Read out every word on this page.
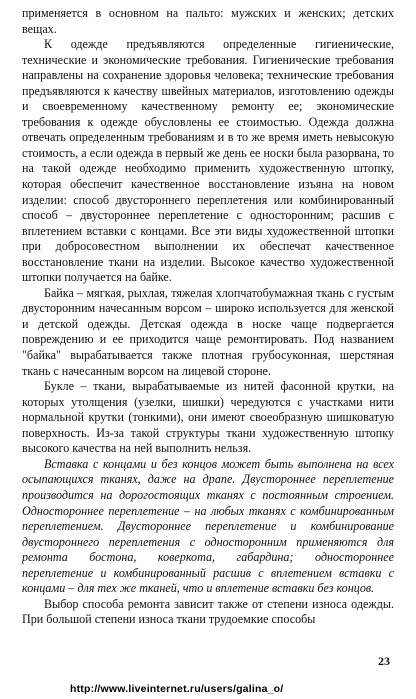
применяется в основном на пальто: мужских и женских; детских вещах.

К одежде предъявляются определенные гигиенические, технические и экономические требования. Гигиенические требования направлены на сохранение здоровья человека; технические требования предъявляются к качеству швейных материалов, изготовлению одежды и своевременному качественному ремонту ее; экономические требования к одежде обусловлены ее стоимостью. Одежда должна отвечать определенным требованиям и в то же время иметь невысокую стоимость, а если одежда в первый же день ее носки была разорвана, то на такой одежде необходимо применить художественную штопку, которая обеспечит качественное восстановление изъяна на новом изделии: способ двустороннего переплетения или комбинированный способ – двустороннее переплетение с односторонним; расшив с вплетением вставки с концами. Все эти виды художественной штопки при добросовестном выполнении их обеспечат качественное восстановление ткани на изделии. Высокое качество художественной штопки получается на байке.

Байка – мягкая, рыхлая, тяжелая хлопчатобумажная ткань с густым двусторонним начесанным ворсом – широко используется для женской и детской одежды. Детская одежда в носке чаще подвергается повреждению и ее приходится чаще ремонтировать. Под названием "байка" вырабатывается также плотная грубосуконная, шерстяная ткань с начесанным ворсом на лицевой стороне.

Букле – ткани, вырабатываемые из нитей фасонной крутки, на которых утолщения (узелки, шишки) чередуются с участками нити нормальной крутки (тонкими), они имеют своеобразную шишковатую поверхность. Из-за такой структуры ткани художественную штопку высокого качества на ней выполнить нельзя.

Вставка с концами и без концов может быть выполнена на всех осыпающихся тканях, даже на драпе. Двустороннее переплетение производится на дорогостоящих тканях с постоянным строением. Одностороннее переплетение – на любых тканях с комбинированным переплетением. Двустороннее переплетение и комбинирование двустороннего переплетения с односторонним применяются для ремонта бостона, коверкота, габардина; одностороннее переплетение и комбинированный расшив с вплетением вставки с концами – для тех же тканей, что и вплетение вставки без концов.

Выбор способа ремонта зависит также от степени износа одежды. При большой степени износа ткани трудоемкие способы

23
http://www.liveinternet.ru/users/galina_o/
